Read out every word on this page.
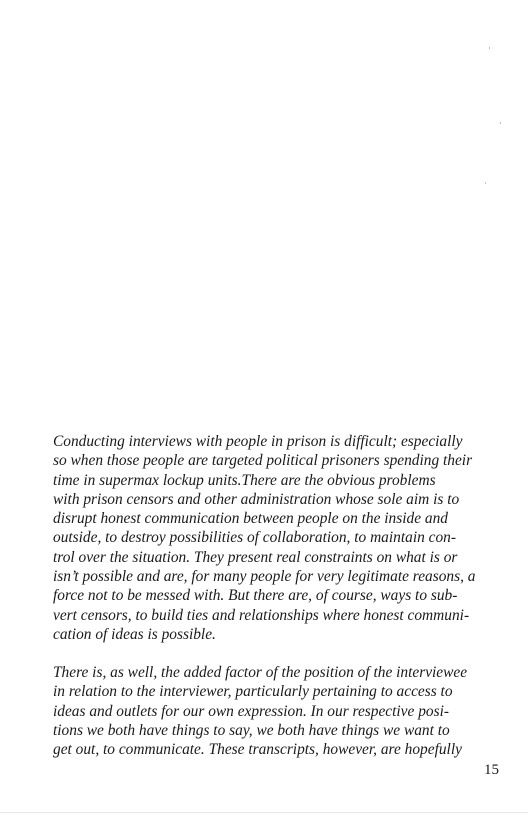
Conducting interviews with people in prison is difficult; especially
so when those people are targeted political prisoners spending their
time in supermax lockup units.There are the obvious problems
with prison censors and other administration whose sole aim is to
disrupt honest communication between people on the inside and
outside, to destroy possibilities of collaboration, to maintain con-
trol over the situation. They present real constraints on what is or
isn’t possible and are, for many people for very legitimate reasons, a
force not to be messed with. But there are, of course, ways to sub-
vert censors, to build ties and relationships where honest communi-
cation of ideas is possible.

There is, as well, the added factor of the position of the interviewee
in relation to the interviewer, particularly pertaining to access to
ideas and outlets for our own expression. In our respective posi-
tions we both have things to say, we both have things we want to
get out, to communicate. These transcripts, however, are hopefully

15
